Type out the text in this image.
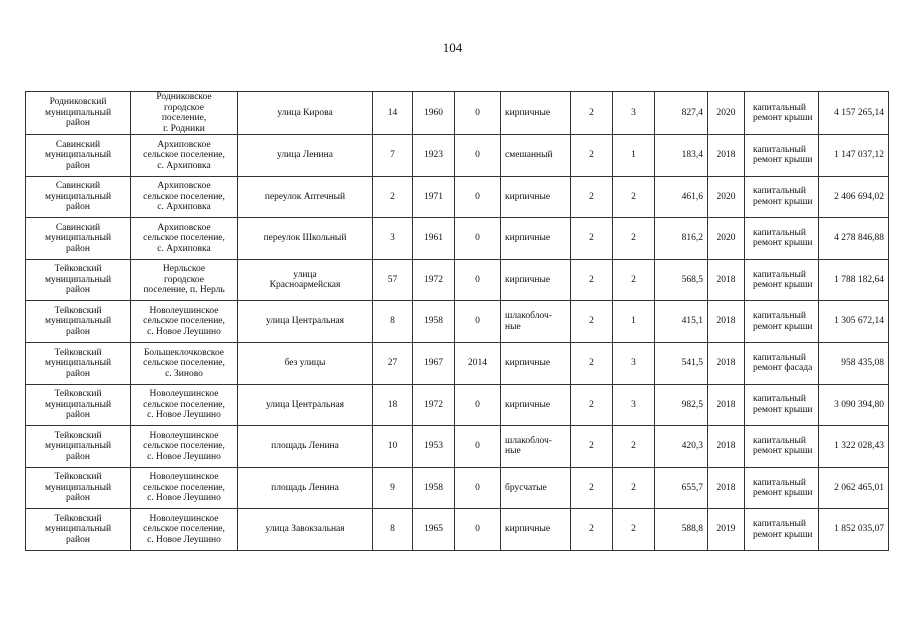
104
Родниковский
муниципальный
район	Родниковское
городское
поселение,
г. Родники	улица Кирова	14	1960	0	кирпичные	2	3	827,4	2020	капитальный
ремонт крыши	4 157 265,14
Савинский
муниципальный
район	Архиповское
сельское поселение,
с. Архиповка	улица Ленина	7	1923	0	смешанный	2	1	183,4	2018	капитальный
ремонт крыши	1 147 037,12
Савинский
муниципальный
район	Архиповское
сельское поселение,
с. Архиповка	переулок Аптечный	2	1971	0	кирпичные	2	2	461,6	2020	капитальный
ремонт крыши	2 406 694,02
Савинский
муниципальный
район	Архиповское
сельское поселение,
с. Архиповка	переулок Школьный	3	1961	0	кирпичные	2	2	816,2	2020	капитальный
ремонт крыши	4 278 846,88
Тейковский
муниципальный
район	Нерльское
городское
поселение, п. Нерль	улица
Красноармейская	57	1972	0	кирпичные	2	2	568,5	2018	капитальный
ремонт крыши	1 788 182,64
Тейковский
муниципальный
район	Новолеушинское
сельское поселение,
с. Новое Леушино	улица Центральная	8	1958	0	шлакоблоч-
ные	2	1	415,1	2018	капитальный
ремонт крыши	1 305 672,14
Тейковский
муниципальный
район	Большеклочковское
сельское поселение,
с. Зиново	без улицы	27	1967	2014	кирпичные	2	3	541,5	2018	капитальный
ремонт фасада	958 435,08
Тейковский
муниципальный
район	Новолеушинское
сельское поселение,
с. Новое Леушино	улица Центральная	18	1972	0	кирпичные	2	3	982,5	2018	капитальный
ремонт крыши	3 090 394,80
Тейковский
муниципальный
район	Новолеушинское
сельское поселение,
с. Новое Леушино	площадь Ленина	10	1953	0	шлакоблоч-
ные	2	2	420,3	2018	капитальный
ремонт крыши	1 322 028,43
Тейковский
муниципальный
район	Новолеушинское
сельское поселение,
с. Новое Леушино	площадь Ленина	9	1958	0	брусчатые	2	2	655,7	2018	капитальный
ремонт крыши	2 062 465,01
Тейковский
муниципальный
район	Новолеушинское
сельское поселение,
с. Новое Леушино	улица Завокзальная	8	1965	0	кирпичные	2	2	588,8	2019	капитальный
ремонт крыши	1 852 035,07
